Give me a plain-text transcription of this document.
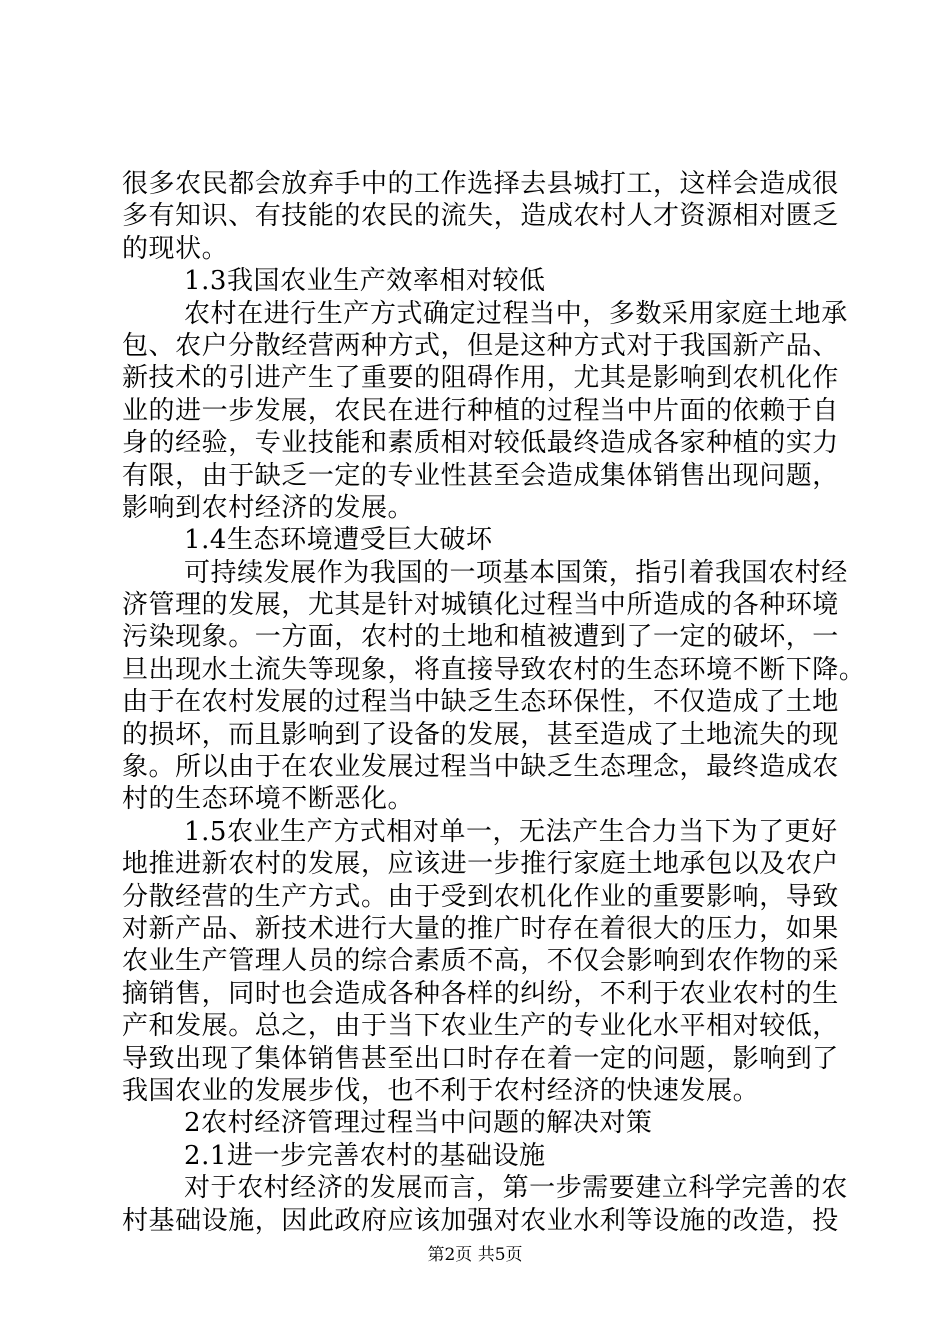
很多农民都会放弃手中的工作选择去县城打工，这样会造成很
多有知识、有技能的农民的流失，造成农村人才资源相对匮乏
的现状。
1.3我国农业生产效率相对较低
农村在进行生产方式确定过程当中，多数采用家庭土地承
包、农户分散经营两种方式，但是这种方式对于我国新产品、
新技术的引进产生了重要的阻碍作用，尤其是影响到农机化作
业的进一步发展，农民在进行种植的过程当中片面的依赖于自
身的经验，专业技能和素质相对较低最终造成各家种植的实力
有限，由于缺乏一定的专业性甚至会造成集体销售出现问题，
影响到农村经济的发展。
1.4生态环境遭受巨大破坏
可持续发展作为我国的一项基本国策，指引着我国农村经
济管理的发展，尤其是针对城镇化过程当中所造成的各种环境
污染现象。一方面，农村的土地和植被遭到了一定的破坏，一
旦出现水土流失等现象，将直接导致农村的生态环境不断下降。
由于在农村发展的过程当中缺乏生态环保性，不仅造成了土地
的损坏，而且影响到了设备的发展，甚至造成了土地流失的现
象。所以由于在农业发展过程当中缺乏生态理念，最终造成农
村的生态环境不断恶化。
1.5农业生产方式相对单一，无法产生合力当下为了更好
地推进新农村的发展，应该进一步推行家庭土地承包以及农户
分散经营的生产方式。由于受到农机化作业的重要影响，导致
对新产品、新技术进行大量的推广时存在着很大的压力，如果
农业生产管理人员的综合素质不高，不仅会影响到农作物的采
摘销售，同时也会造成各种各样的纠纷，不利于农业农村的生
产和发展。总之，由于当下农业生产的专业化水平相对较低，
导致出现了集体销售甚至出口时存在着一定的问题，影响到了
我国农业的发展步伐，也不利于农村经济的快速发展。
2农村经济管理过程当中问题的解决对策
2.1进一步完善农村的基础设施
对于农村经济的发展而言，第一步需要建立科学完善的农
村基础设施，因此政府应该加强对农业水利等设施的改造，投
第2页 共5页
